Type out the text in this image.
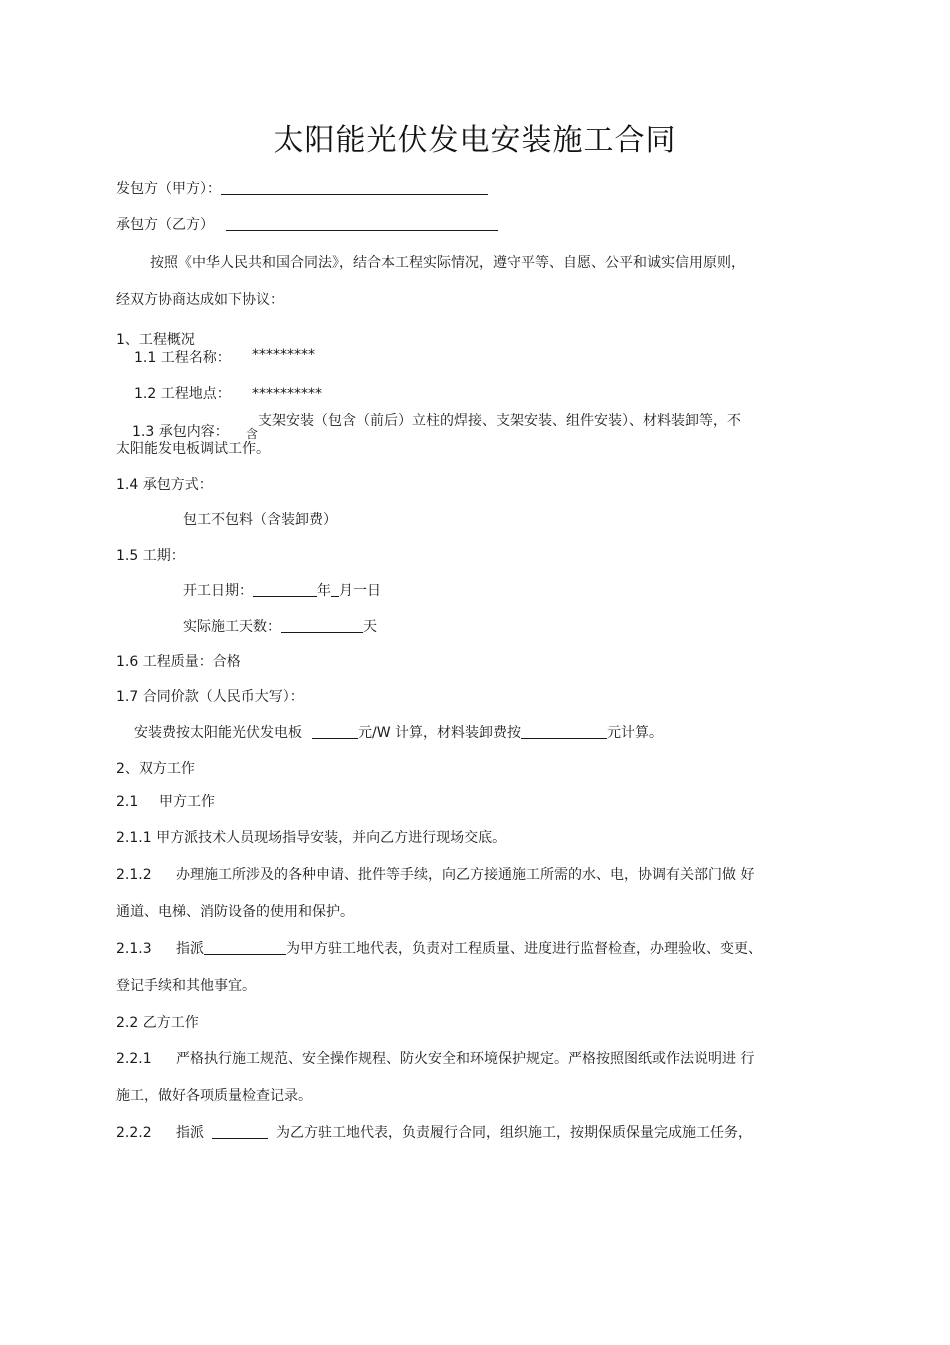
太阳能光伏发电安装施工合同
发包方（甲方）：
承包方（乙方）
按照《中华人民共和国合同法》，结合本工程实际情况，遵守平等、自愿、公平和诚实信用原则，
经双方协商达成如下协议：
1、工程概况
1.1 工程名称： *********
1.2 工程地点： **********
1.3 承包内容：
支架安装（包含（前后）立柱的焊接、支架安装、组件安装）、材料装卸等，不
含
太阳能发电板调试工作。
1.4 承包方式：
包工不包料（含装卸费）
1.5 工期：
开工日期：	年 月一日
实际施工天数：	天
1.6 工程质量：合格
1.7 合同价款（人民币大写）：
安装费按太阳能光伏发电板	元/W 计算，材料装卸费按	元计算。
2、双方工作
2.1 甲方工作
2.1.1 甲方派技术人员现场指导安装，并向乙方进行现场交底。
2.1.2 办理施工所涉及的各种申请、批件等手续，向乙方接通施工所需的水、电，协调有关部门做 好
通道、电梯、消防设备的使用和保护。
2.1.3 指派	为甲方驻工地代表，负责对工程质量、进度进行监督检查，办理验收、变更、
登记手续和其他事宜。
2.2 乙方工作
2.2.1 严格执行施工规范、安全操作规程、防火安全和环境保护规定。严格按照图纸或作法说明进 行
施工，做好各项质量检查记录。
2.2.2 指派	为乙方驻工地代表，负责履行合同，组织施工，按期保质保量完成施工任务，
